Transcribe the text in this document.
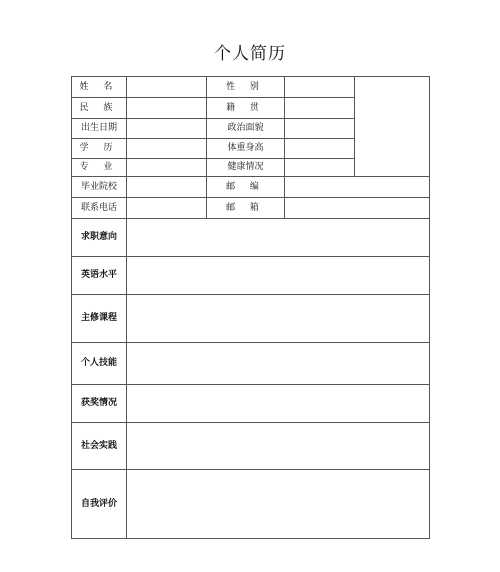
个人简历
姓 名		性 别		
民 族		籍 贯		
出生日期		政治面貌		
学 历		体重身高		
专 业		健康情况		
毕业院校		邮 编		
联系电话		邮 箱		
求职意向				
英语水平				
主修课程				
个人技能				
获奖情况				
社会实践				
自我评价				
